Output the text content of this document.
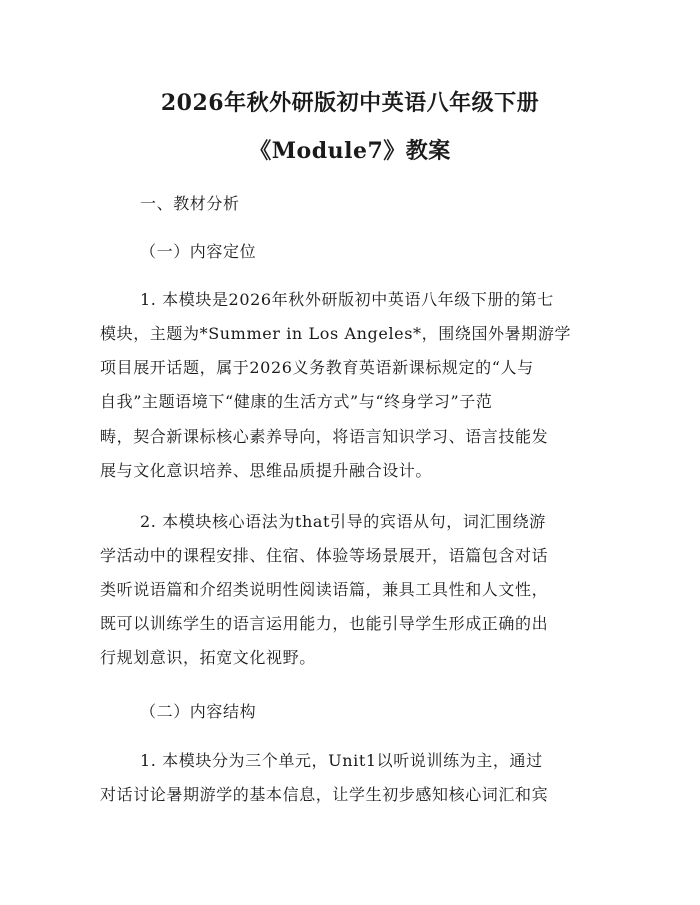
2026年秋外研版初中英语八年级下册
《Module7》教案

一、教材分析

（一）内容定位

1. 本模块是2026年秋外研版初中英语八年级下册的第七

模块，主题为*Summer in Los Angeles*，围绕国外暑期游学

项目展开话题，属于2026义务教育英语新课标规定的“人与

自我”主题语境下“健康的生活方式”与“终身学习”子范

畴，契合新课标核心素养导向，将语言知识学习、语言技能发

展与文化意识培养、思维品质提升融合设计。

2. 本模块核心语法为that引导的宾语从句，词汇围绕游

学活动中的课程安排、住宿、体验等场景展开，语篇包含对话

类听说语篇和介绍类说明性阅读语篇，兼具工具性和人文性，

既可以训练学生的语言运用能力，也能引导学生形成正确的出

行规划意识，拓宽文化视野。

（二）内容结构

1. 本模块分为三个单元，Unit1以听说训练为主，通过

对话讨论暑期游学的基本信息，让学生初步感知核心词汇和宾
